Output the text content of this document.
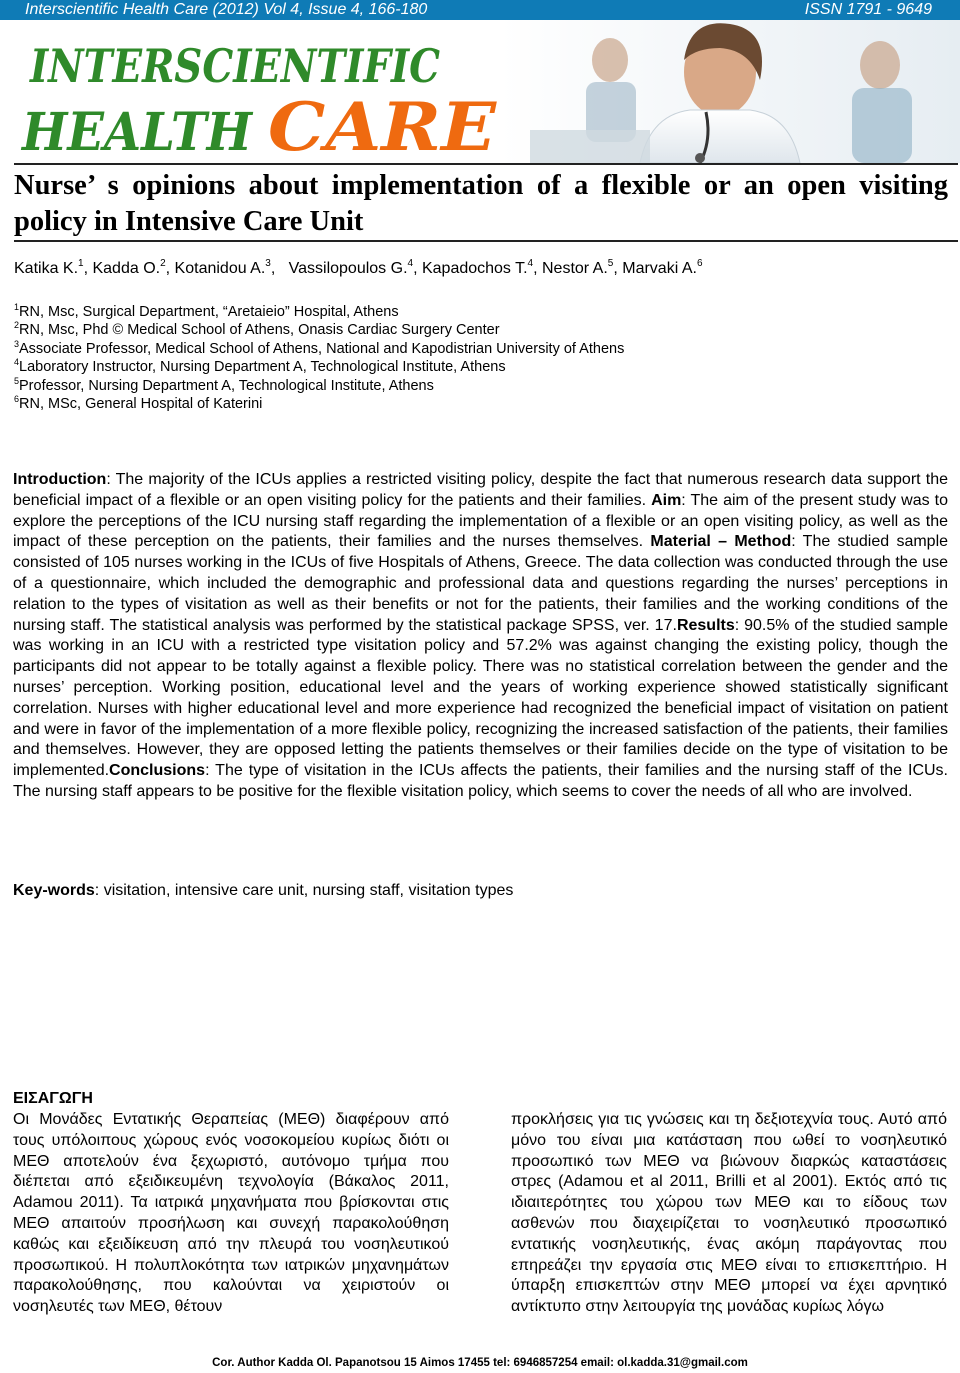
Interscientific Health Care (2012) Vol 4, Issue 4, 166-180	ISSN 1791 - 9649
INTERSCIENTIFIC
HEALTH CARE
Nurse’ s opinions about implementation of a flexible or an open visiting policy in Intensive Care Unit
Katika K.$^1$, Kadda O.$^2$, Kotanidou A.$^3$,   Vassilopoulos G.$^4$, Kapadochos T.$^4$, Nestor A.$^5$, Marvaki A.$^6$
$^1$RN, Msc, Surgical Department, “Aretaieio” Hospital, Athens
$^2$RN, Msc, Phd © Medical School of Athens, Onasis Cardiac Surgery Center
$^3$Associate Professor, Medical School of Athens, National and Kapodistrian University of Athens
$^4$Laboratory Instructor, Nursing Department A, Technological Institute, Athens
$^5$Professor, Nursing Department A, Technological Institute, Athens
$^6$RN, MSc, General Hospital of Katerini

Introduction: The majority of the ICUs applies a restricted visiting policy, despite the fact that numerous research data support the beneficial impact of a flexible or an open visiting policy for the patients and their families. Aim: The aim of the present study was to explore the perceptions of the ICU nursing staff regarding the implementation of a flexible or an open visiting policy, as well as the impact of these perception on the patients, their families and the nurses themselves. Material – Method: The studied sample consisted of 105 nurses working in the ICUs of five Hospitals of Athens, Greece. The data collection was conducted through the use of a questionnaire, which included the demographic and professional data and questions regarding the nurses’ perceptions in relation to the types of visitation as well as their benefits or not for the patients, their families and the working conditions of the nursing staff. The statistical analysis was performed by the statistical package SPSS, ver. 17.Results: 90.5% of the studied sample was working in an ICU with a restricted type visitation policy and 57.2% was against changing the existing policy, though the participants did not appear to be totally against a flexible policy. There was no statistical correlation between the gender and the nurses’ perception. Working position, educational level and the years of working experience showed statistically significant correlation. Nurses with higher educational level and more experience had recognized the beneficial impact of visitation on patient and were in favor of the implementation of a more flexible policy, recognizing the increased satisfaction of the patients, their families and themselves. However, they are opposed letting the patients themselves or their families decide on the type of visitation to be implemented.Conclusions: The type of visitation in the ICUs affects the patients, their families and the nursing staff of the ICUs. The nursing staff appears to be positive for the flexible visitation policy, which seems to cover the needs of all who are involved.

Key-words: visitation, intensive care unit, nursing staff, visitation types
ΕΙΣΑΓΩΓΗ

Οι Μονάδες Εντατικής Θεραπείας (ΜΕΘ) διαφέρουν από τους υπόλοιπους χώρους ενός νοσοκομείου κυρίως διότι οι ΜΕΘ αποτελούν ένα ξεχωριστό, αυτόνομο τμήμα που διέπεται από εξειδικευμένη τεχνολογία (Βάκαλος 2011, Adamou 2011). Τα ιατρικά μηχανήματα που βρίσκονται στις ΜΕΘ απαιτούν προσήλωση και συνεχή παρακολούθηση καθώς και εξειδίκευση από την πλευρά του νοσηλευτικού προσωπικού. Η πολυπλοκότητα των ιατρικών μηχανημάτων παρακολούθησης, που καλούνται να χειριστούν οι νοσηλευτές των ΜΕΘ, θέτουν

προκλήσεις για τις γνώσεις και τη δεξιοτεχνία τους. Αυτό από μόνο του είναι μια κατάσταση που ωθεί το νοσηλευτικό προσωπικό των ΜΕΘ να βιώνουν διαρκώς καταστάσεις στρες (Adamou et al 2011, Brilli et al 2001). Εκτός από τις ιδιαιτερότητες του χώρου των ΜΕΘ και το είδους των ασθενών που διαχειρίζεται το νοσηλευτικό προσωπικό εντατικής νοσηλευτικής, ένας ακόμη παράγοντας που επηρεάζει την εργασία στις ΜΕΘ είναι το επισκεπτήριο. Η ύπαρξη επισκεπτών στην ΜΕΘ μπορεί να έχει αρνητικό αντίκτυπο στην λειτουργία της μονάδας κυρίως λόγω

Cor. Author Kadda Ol. Papanotsou 15 Aimos 17455 tel: 6946857254 email: ol.kadda.31@gmail.com
